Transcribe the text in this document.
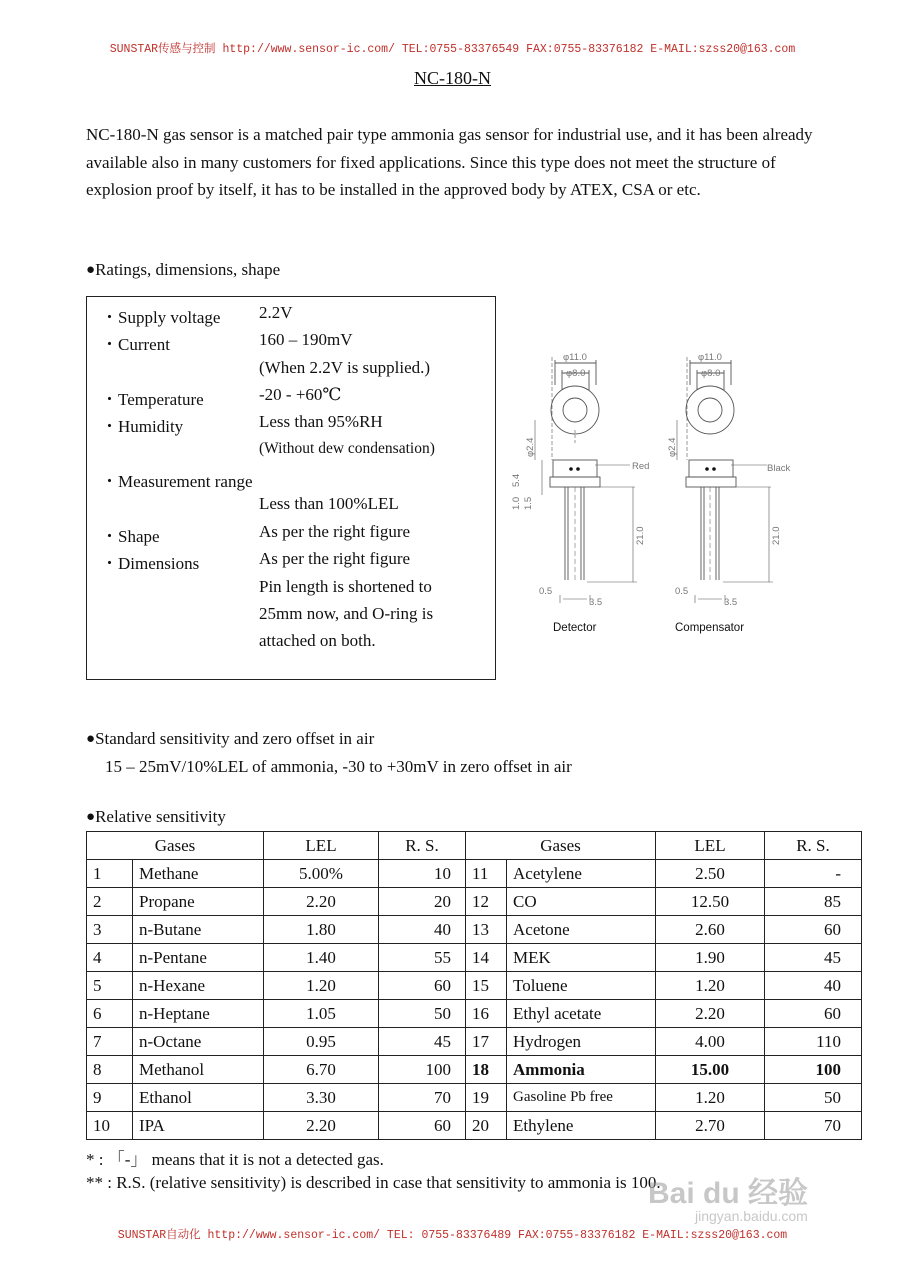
SUNSTAR传感与控制 http://www.sensor-ic.com/ TEL:0755-83376549 FAX:0755-83376182 E-MAIL:szss20@163.com
NC-180-N
NC-180-N gas sensor is a matched pair type ammonia gas sensor for industrial use, and it has been already available also in many customers for fixed applications. Since this type does not meet the structure of explosion proof by itself, it has to be installed in the approved body by ATEX, CSA or etc.
●Ratings, dimensions, shape
・Supply voltage 2.2V
・Current	160 – 190mV
(When 2.2V is supplied.)
・Temperature	-20 - +60℃
・Humidity	Less than 95%RH
(Without dew condensation)
・Measurement range
Less than 100%LEL
・Shape	As per the right figure
・Dimensions	As per the right figure
Pin length is shortened to
25mm now, and O-ring is
attached on both.
φ11.0
φ8.0
φ11.0
φ8.0
φ2.4	φ2.4
5.4
1.0 1.5
21.0	21.0
0.5
3.5
0.5
3.5
Red	Black
Detector	Compensator
●Standard sensitivity and zero offset in air
15 – 25mV/10%LEL of ammonia, -30 to +30mV in zero offset in air
●Relative sensitivity
Gases		LEL	R. S.	Gases		LEL	R. S.
1	Methane	5.00%	10	11	Acetylene	2.50	-
2	Propane	2.20	20	12	CO	12.50	85
3	n-Butane	1.80	40	13	Acetone	2.60	60
4	n-Pentane	1.40	55	14	MEK	1.90	45
5	n-Hexane	1.20	60	15	Toluene	1.20	40
6	n-Heptane	1.05	50	16	Ethyl acetate	2.20	60
7	n-Octane	0.95	45	17	Hydrogen	4.00	110
8	Methanol	6.70	100	18	Ammonia	15.00	100
9	Ethanol	3.30	70	19	Gasoline Pb free	1.20	50
10	IPA	2.20	60	20	Ethylene	2.70	70
* : 「-」 means that it is not a detected gas.
** : R.S. (relative sensitivity) is described in case that sensitivity to ammonia is 100.
SUNSTAR自动化 http://www.sensor-ic.com/ TEL: 0755-83376489 FAX:0755-83376182 E-MAIL:szss20@163.com
Bai du 经验
jingyan.baidu.com
